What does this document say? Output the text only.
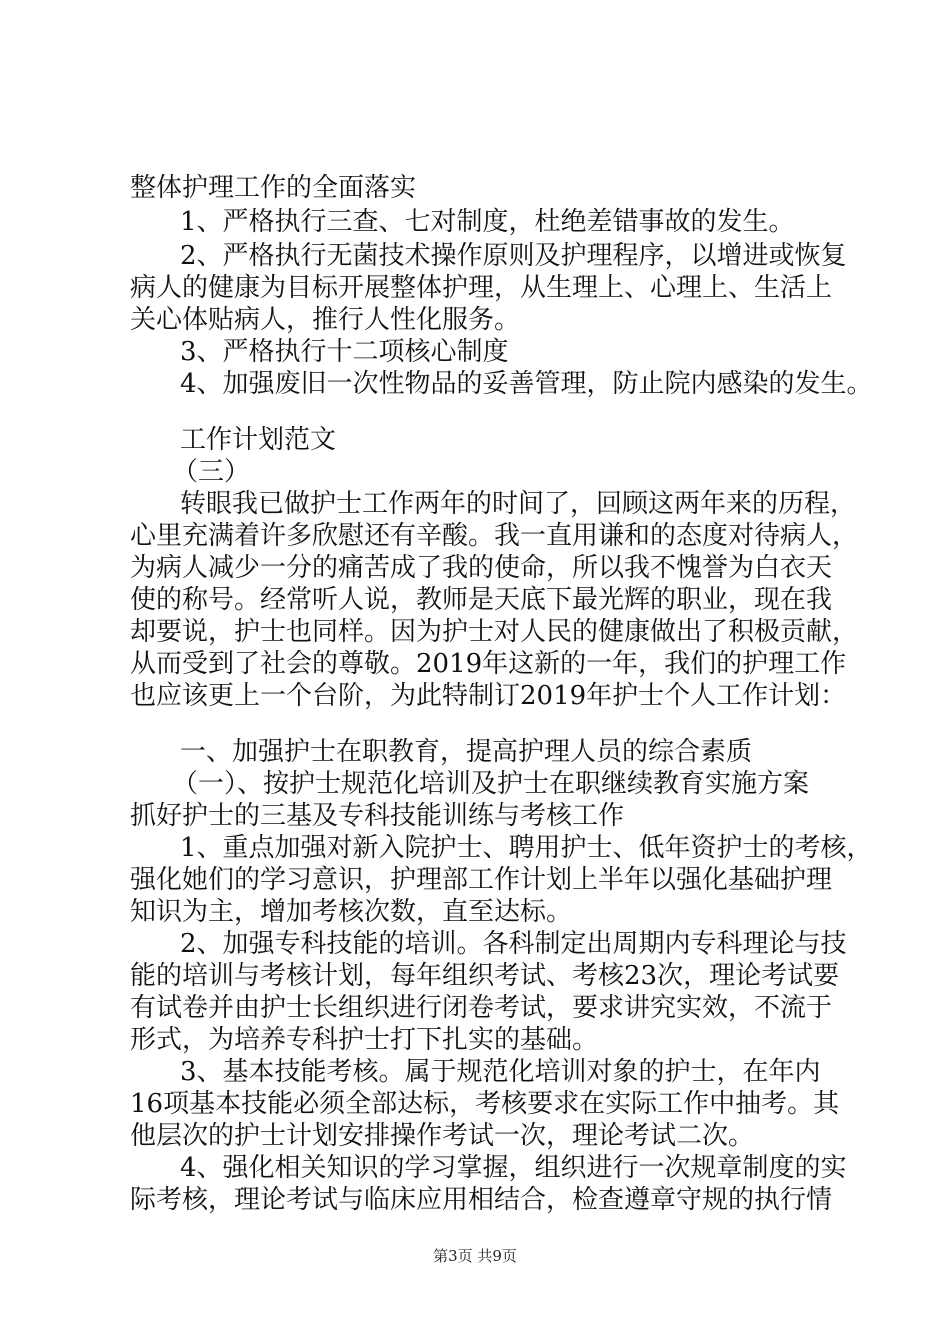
整体护理工作的全面落实
1、严格执行三查、七对制度，杜绝差错事故的发生。
2、严格执行无菌技术操作原则及护理程序，以增进或恢复
病人的健康为目标开展整体护理，从生理上、心理上、生活上
关心体贴病人，推行人性化服务。
3、严格执行十二项核心制度
4、加强废旧一次性物品的妥善管理，防止院内感染的发生。
工作计划范文
（三）
转眼我已做护士工作两年的时间了，回顾这两年来的历程，
心里充满着许多欣慰还有辛酸。我一直用谦和的态度对待病人，
为病人减少一分的痛苦成了我的使命，所以我不愧誉为白衣天
使的称号。经常听人说，教师是天底下最光辉的职业，现在我
却要说，护士也同样。因为护士对人民的健康做出了积极贡献，
从而受到了社会的尊敬。2019年这新的一年，我们的护理工作
也应该更上一个台阶，为此特制订2019年护士个人工作计划：
一、加强护士在职教育，提高护理人员的综合素质
（一）、按护士规范化培训及护士在职继续教育实施方案
抓好护士的三基及专科技能训练与考核工作
1、重点加强对新入院护士、聘用护士、低年资护士的考核，
强化她们的学习意识，护理部工作计划上半年以强化基础护理
知识为主，增加考核次数，直至达标。
2、加强专科技能的培训。各科制定出周期内专科理论与技
能的培训与考核计划，每年组织考试、考核23次，理论考试要
有试卷并由护士长组织进行闭卷考试，要求讲究实效，不流于
形式，为培养专科护士打下扎实的基础。
3、基本技能考核。属于规范化培训对象的护士，在年内
16项基本技能必须全部达标，考核要求在实际工作中抽考。其
他层次的护士计划安排操作考试一次，理论考试二次。
4、强化相关知识的学习掌握，组织进行一次规章制度的实
际考核，理论考试与临床应用相结合，检查遵章守规的执行情
第3页 共9页
